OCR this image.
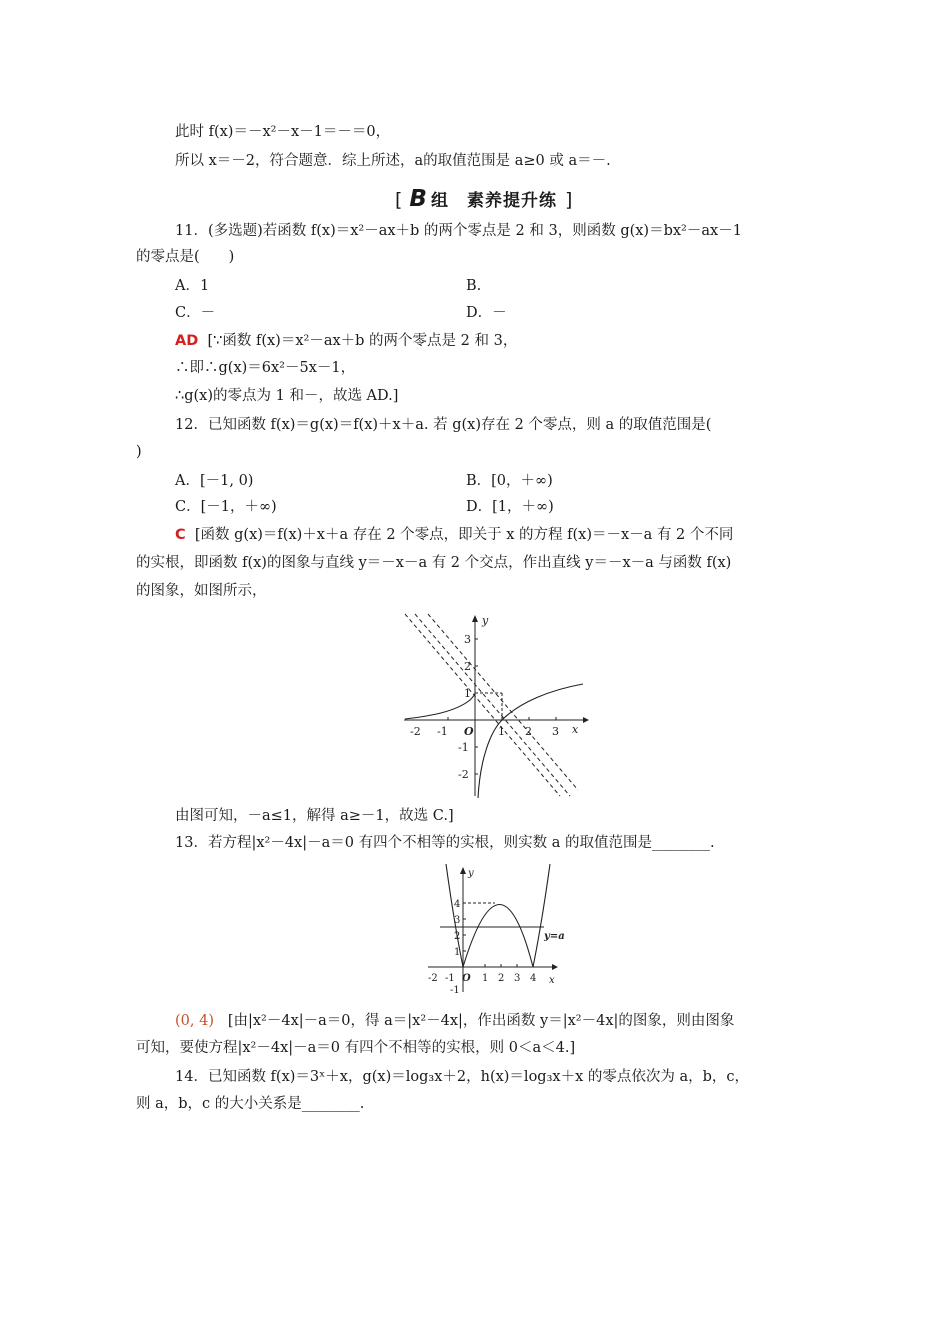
此时 f(x)＝－x²－x－1＝－＝0，
所以 x＝－2，符合题意．综上所述，a的取值范围是 a≥0 或 a＝－.
[ B 组　素养提升练 ]
11．(多选题)若函数 f(x)＝x²－ax＋b 的两个零点是 2 和 3，则函数 g(x)＝bx²－ax－1
的零点是(　　)
A．1	B.
C．－	D．－
AD [∵函数 f(x)＝x²－ax＋b 的两个零点是 2 和 3，
∴即∴g(x)＝6x²－5x－1，
∴g(x)的零点为 1 和－，故选 AD.]
12．已知函数 f(x)＝g(x)＝f(x)＋x＋a. 若 g(x)存在 2 个零点，则 a 的取值范围是(
)
A．[－1, 0)	B．[0，＋∞)
C．[－1，＋∞)	D．[1，＋∞)
C [函数 g(x)＝f(x)＋x＋a 存在 2 个零点，即关于 x 的方程 f(x)＝－x－a 有 2 个不同
的实根，即函数 f(x)的图象与直线 y＝－x－a 有 2 个交点，作出直线 y＝－x－a 与函数 f(x)
的图象，如图所示，
y
x
O
-2 -1	1 2 3
3
2
1
-1
-2
由图可知，－a≤1，解得 a≥－1，故选 C.]
13．若方程|x²－4x|－a＝0 有四个不相等的实根，则实数 a 的取值范围是________.
y
x
O
y=a
-2 -1	1 2 3 4
4
3
2
1
-1
(0, 4) [由|x²－4x|－a＝0，得 a＝|x²－4x|，作出函数 y＝|x²－4x|的图象，则由图象
可知，要使方程|x²－4x|－a＝0 有四个不相等的实根，则 0＜a＜4.]
14．已知函数 f(x)＝3ˣ＋x，g(x)＝log₃x＋2，h(x)＝log₃x＋x 的零点依次为 a，b，c，
则 a，b，c 的大小关系是________.
